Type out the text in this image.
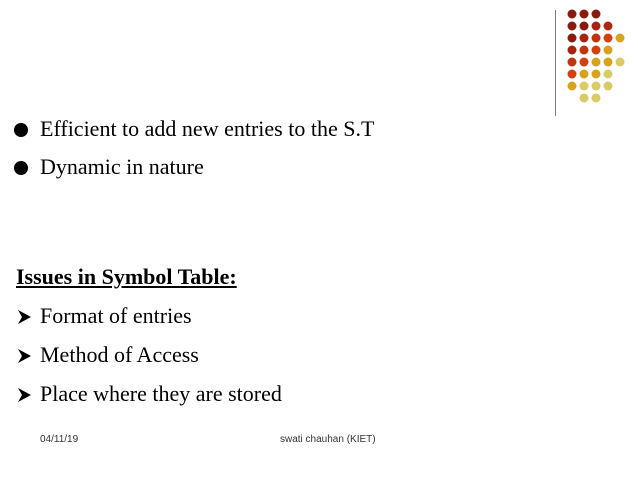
Efficient to add new entries to the S.T
Dynamic in nature
Issues in Symbol Table:
Format of entries
Method of Access
Place where they are stored
04/11/19	swati chauhan (KIET)
